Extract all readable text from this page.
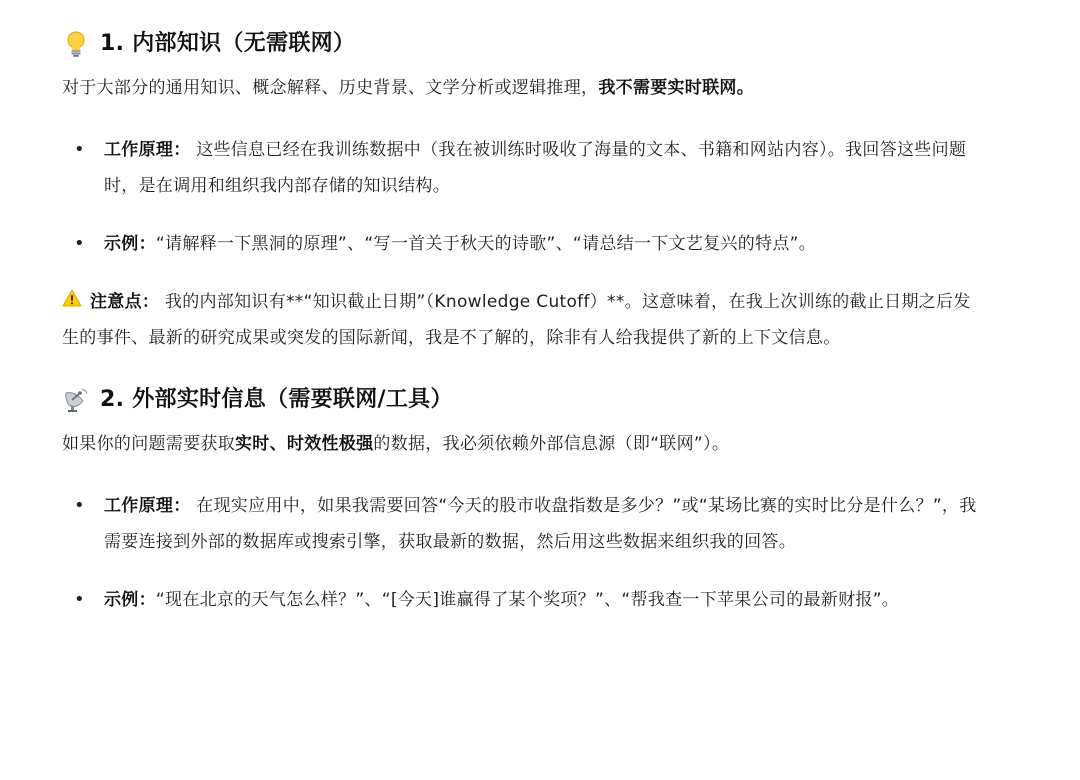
1. 内部知识（无需联网）

对于大部分的通用知识、概念解释、历史背景、文学分析或逻辑推理，我不需要实时联网。

• 工作原理： 这些信息已经在我训练数据中（我在被训练时吸收了海量的文本、书籍和网站内容）。我回答这些问题时，是在调用和组织我内部存储的知识结构。
• 示例：“请解释一下黑洞的原理”、“写一首关于秋天的诗歌”、“请总结一下文艺复兴的特点”。

注意点： 我的内部知识有**“知识截止日期”（Knowledge Cutoff）**。这意味着，在我上次训练的截止日期之后发生的事件、最新的研究成果或突发的国际新闻，我是不了解的，除非有人给我提供了新的上下文信息。

2. 外部实时信息（需要联网/工具）

如果你的问题需要获取实时、时效性极强的数据，我必须依赖外部信息源（即“联网”）。

• 工作原理： 在现实应用中，如果我需要回答“今天的股市收盘指数是多少？”或“某场比赛的实时比分是什么？”，我需要连接到外部的数据库或搜索引擎，获取最新的数据，然后用这些数据来组织我的回答。
• 示例：“现在北京的天气怎么样？”、“[今天]谁赢得了某个奖项？”、“帮我查一下苹果公司的最新财报”。
